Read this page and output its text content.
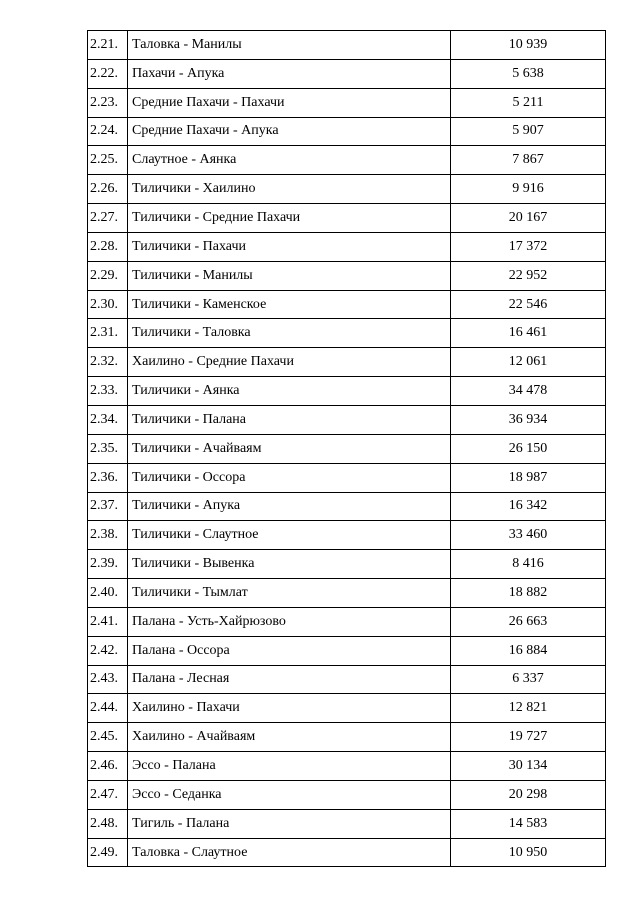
2.21.	Таловка - Манилы	10 939
2.22.	Пахачи - Апука	5 638
2.23.	Средние Пахачи - Пахачи	5 211
2.24.	Средние Пахачи - Апука	5 907
2.25.	Слаутное - Аянка	7 867
2.26.	Тиличики - Хаилино	9 916
2.27.	Тиличики - Средние Пахачи	20 167
2.28.	Тиличики - Пахачи	17 372
2.29.	Тиличики - Манилы	22 952
2.30.	Тиличики - Каменское	22 546
2.31.	Тиличики - Таловка	16 461
2.32.	Хаилино - Средние Пахачи	12 061
2.33.	Тиличики - Аянка	34 478
2.34.	Тиличики - Палана	36 934
2.35.	Тиличики - Ачайваям	26 150
2.36.	Тиличики - Оссора	18 987
2.37.	Тиличики - Апука	16 342
2.38.	Тиличики - Слаутное	33 460
2.39.	Тиличики - Вывенка	8 416
2.40.	Тиличики - Тымлат	18 882
2.41.	Палана - Усть-Хайрюзово	26 663
2.42.	Палана - Оссора	16 884
2.43.	Палана - Лесная	6 337
2.44.	Хаилино - Пахачи	12 821
2.45.	Хаилино - Ачайваям	19 727
2.46.	Эссо - Палана	30 134
2.47.	Эссо - Седанка	20 298
2.48.	Тигиль - Палана	14 583
2.49.	Таловка - Слаутное	10 950
